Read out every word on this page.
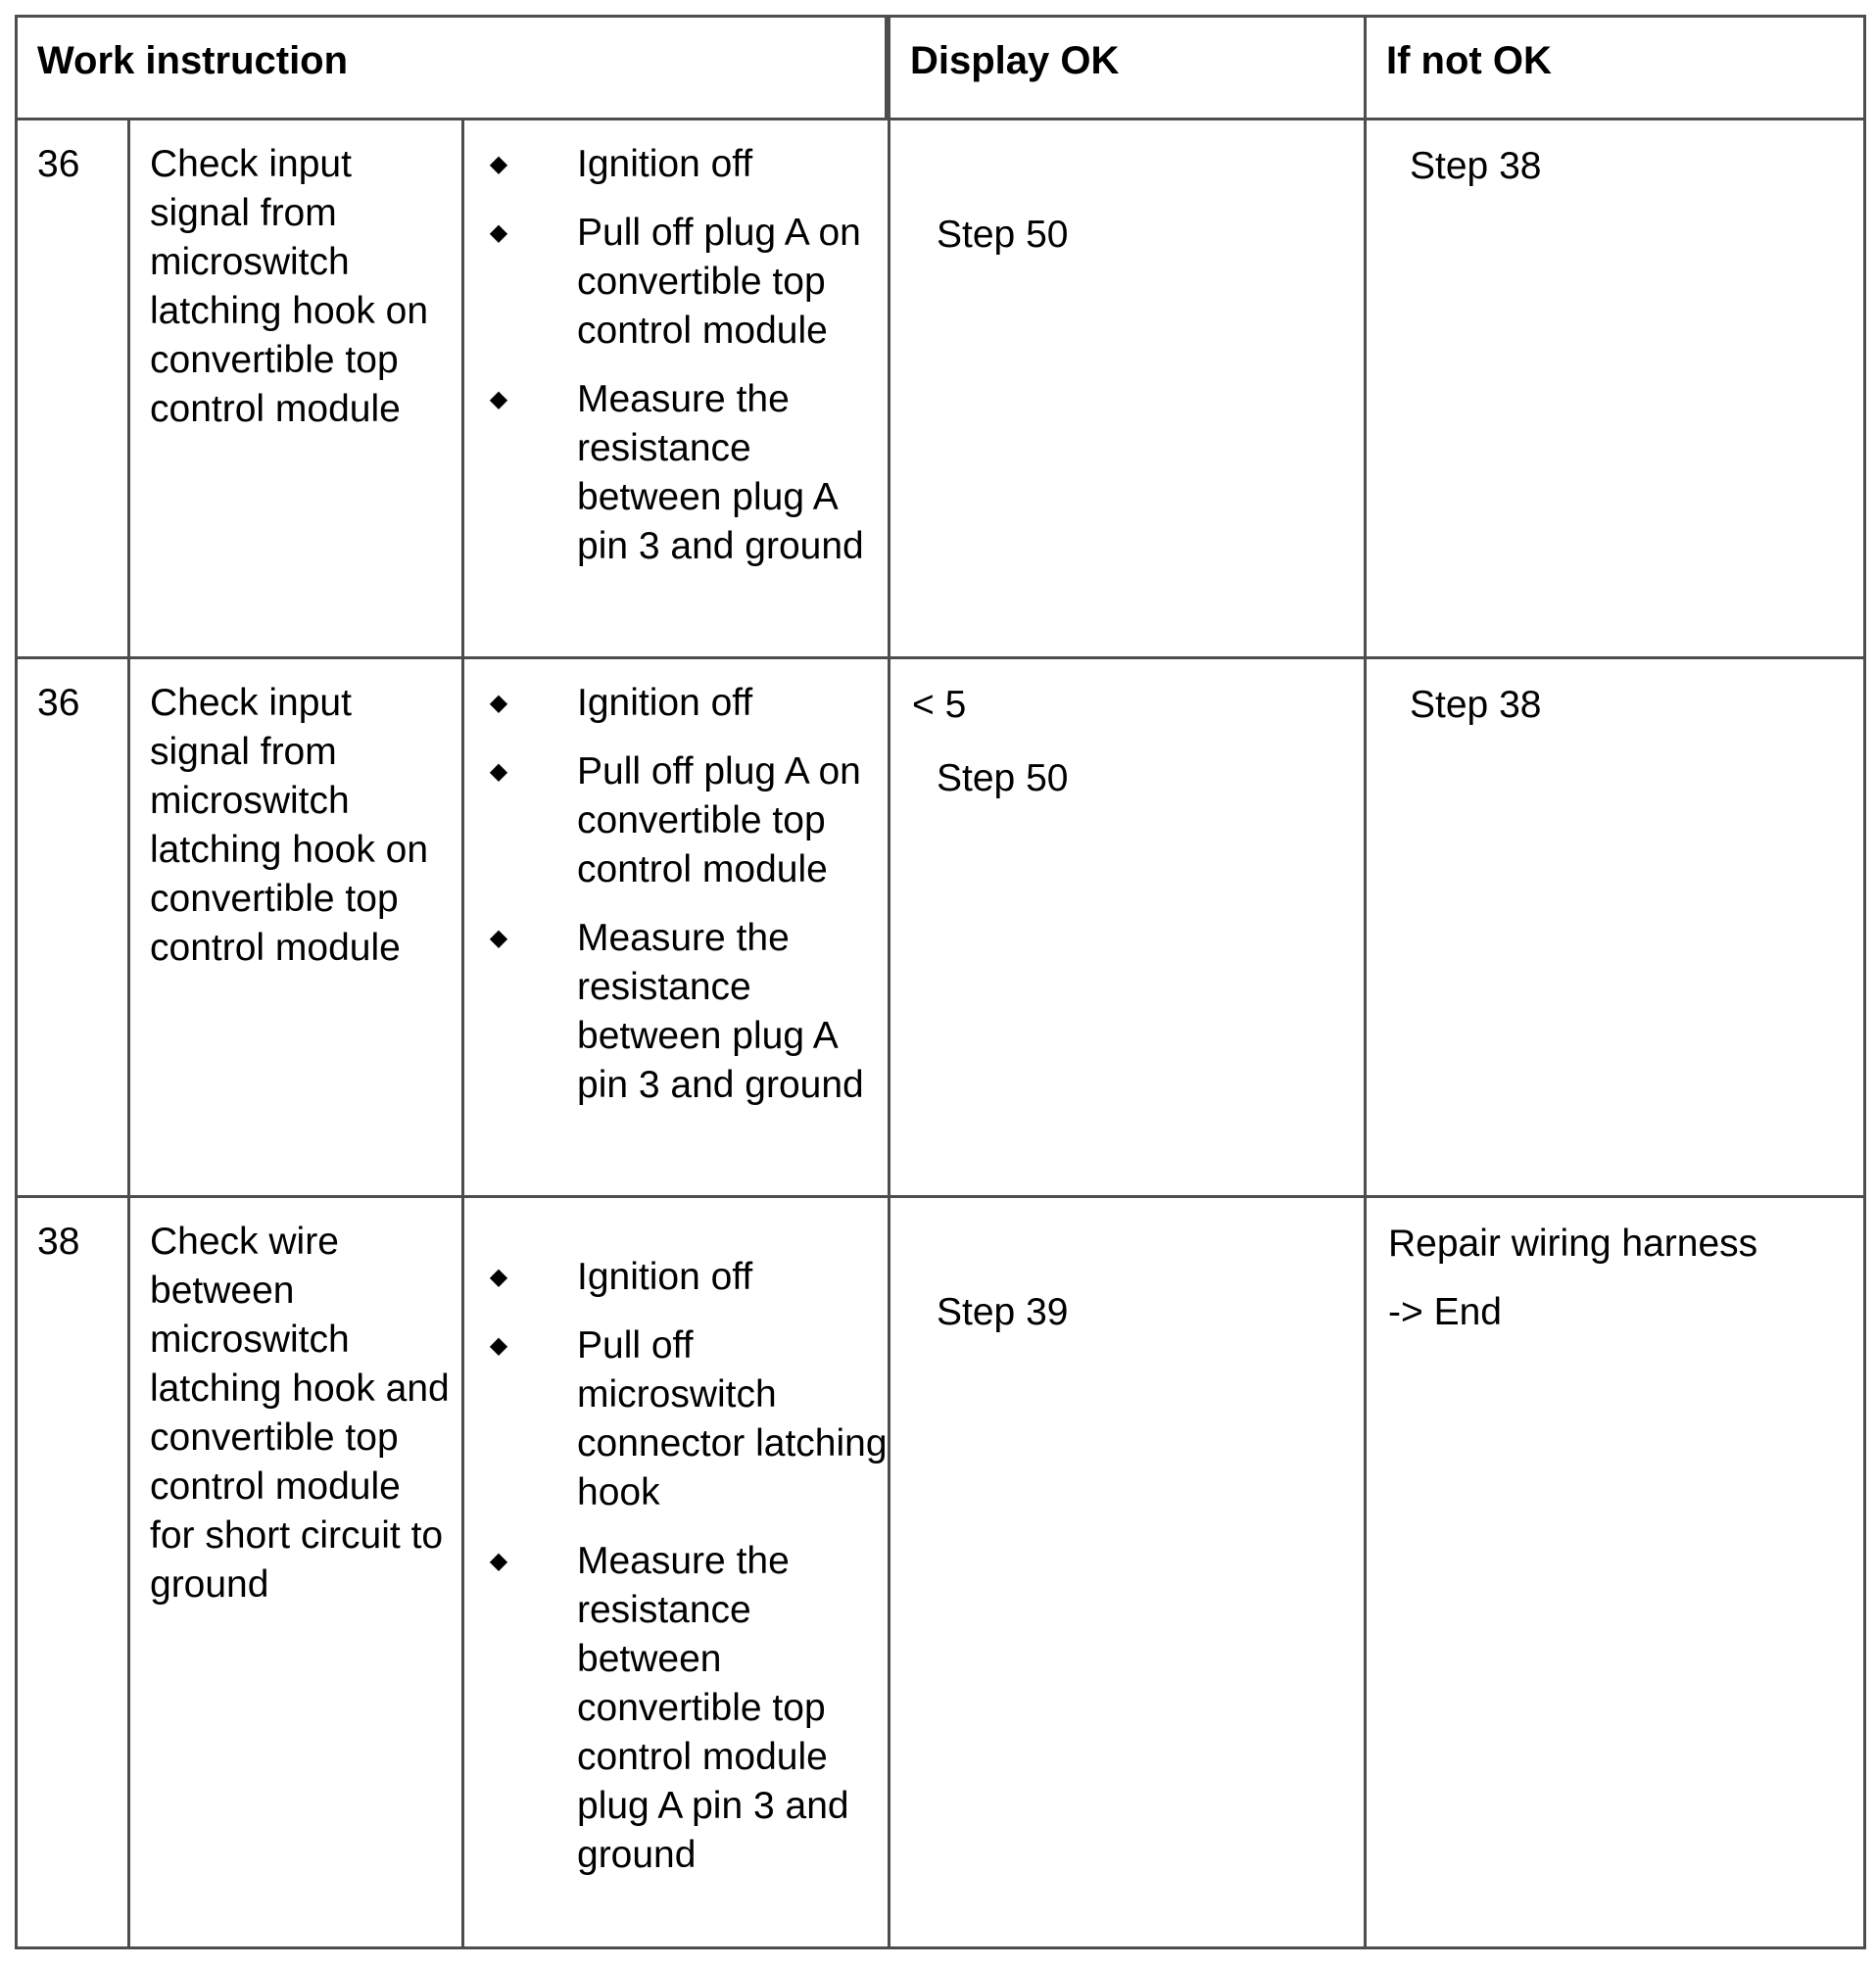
Work instruction	Display OK	If not OK
36 Check input signal from microswitch latching hook on convertible top control module
◆ Ignition off
◆ Pull off plug A on convertible top control module
◆ Measure the resistance between plug A pin 3 and ground
Step 50
Step 38
36 Check input signal from microswitch latching hook on convertible top control module
◆ Ignition off
◆ Pull off plug A on convertible top control module
◆ Measure the resistance between plug A pin 3 and ground
< 5
Step 50
Step 38
38 Check wire between microswitch latching hook and convertible top control module for short circuit to ground
◆ Ignition off
◆ Pull off microswitch connector latching hook
◆ Measure the resistance between convertible top control module plug A pin 3 and ground
Step 39
Repair wiring harness
-> End
